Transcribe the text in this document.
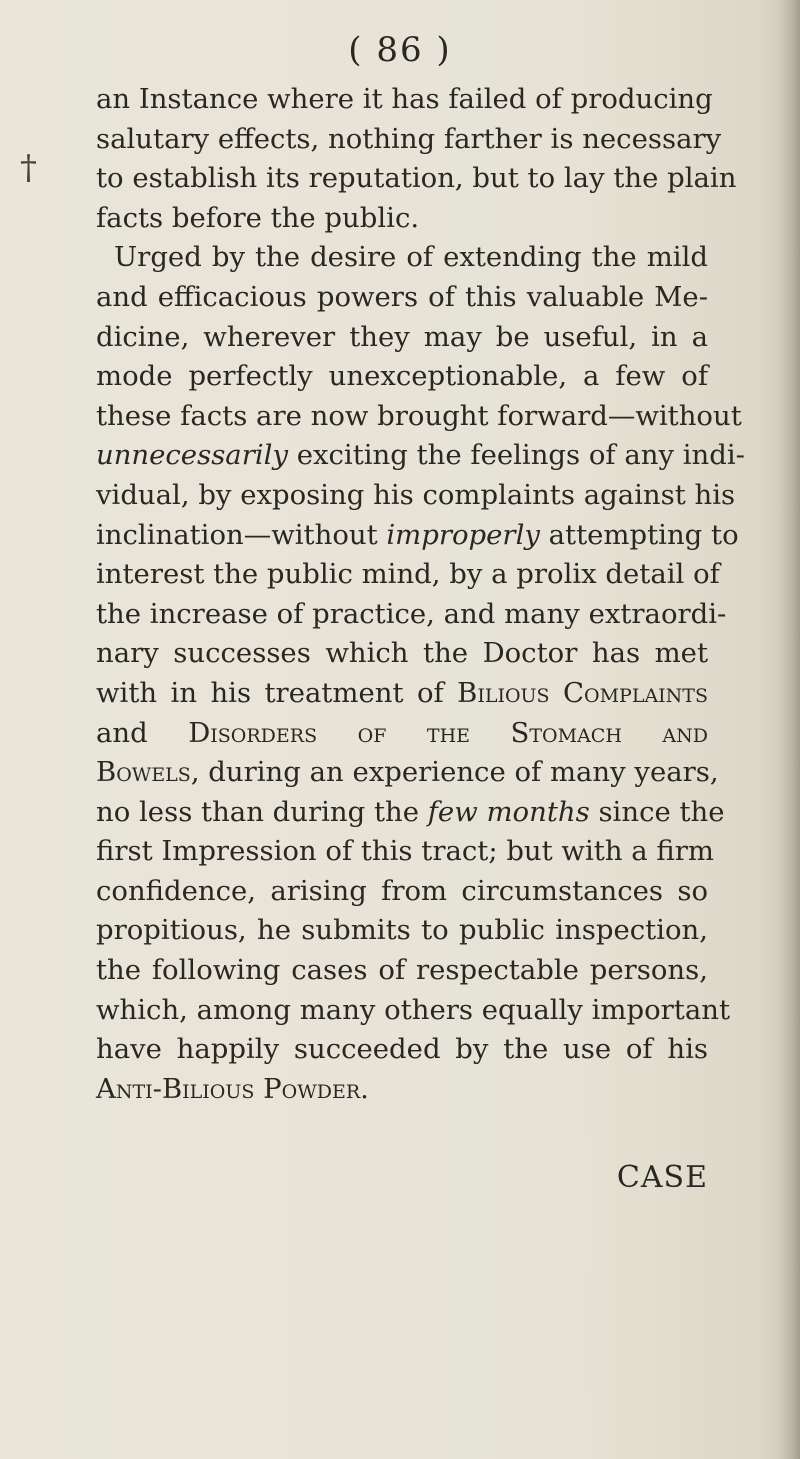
( 86 )
†
an Instance where it has failed of producing
salutary effects, nothing farther is necessary
to establish its reputation, but to lay the plain
facts before the public.
Urged by the desire of extending the mild
and efficacious powers of this valuable Me-
dicine, wherever they may be useful, in a
mode perfectly unexceptionable, a few of
these facts are now brought forward—without
unnecessarily exciting the feelings of any indi-
vidual, by exposing his complaints against his
inclination—without improperly attempting to
interest the public mind, by a prolix detail of
the increase of practice, and many extraordi-
nary successes which the Doctor has met
with in his treatment of Bilious Complaints
and Disorders of the Stomach and
Bowels, during an experience of many years,
no less than during the few months since the
first Impression of this tract; but with a firm
confidence, arising from circumstances so
propitious, he submits to public inspection,
the following cases of respectable persons,
which, among many others equally important
have happily succeeded by the use of his
Anti-Bilious Powder.
CASE
